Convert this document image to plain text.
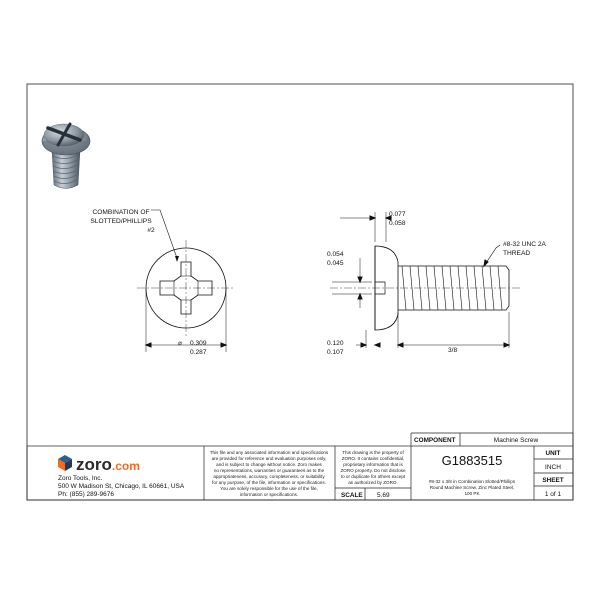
COMBINATION OF
SLOTTED/PHILLIPS
#2
⌀ 0.309
0.287
0.077
0.058
0.054
0.045
0.120
0.107	3/8
#8-32 UNC 2A
THREAD
zoro.com
Zoro Tools, Inc.
500 W Madison St, Chicago, IL 60661, USA
Ph: (855) 289-9676
This file and any associated information and specifications
are provided for reference and evaluation purposes only,
and is subject to change without notice. Zoro makes
no representations, warranties or guarantees as to the
appropriateness, accuracy, completeness, or suitability
for any purpose, of the file, information or specifications.
You are solely responsible for the use of the file,
information or specifications.
This drawing is the property of
ZORO. It contains confidential,
proprietary information that is
ZORO property. Do not disclose
to or duplicate for others except
as authorized by ZORO.
SCALE 5.69
COMPONENT	Machine Screw
G1883515
#8-32 x 3/8 in Combination Slotted/Phillips
Round Machine Screw, Zinc Plated Steel,
100 PK
UNIT
INCH
SHEET
1 of 1
